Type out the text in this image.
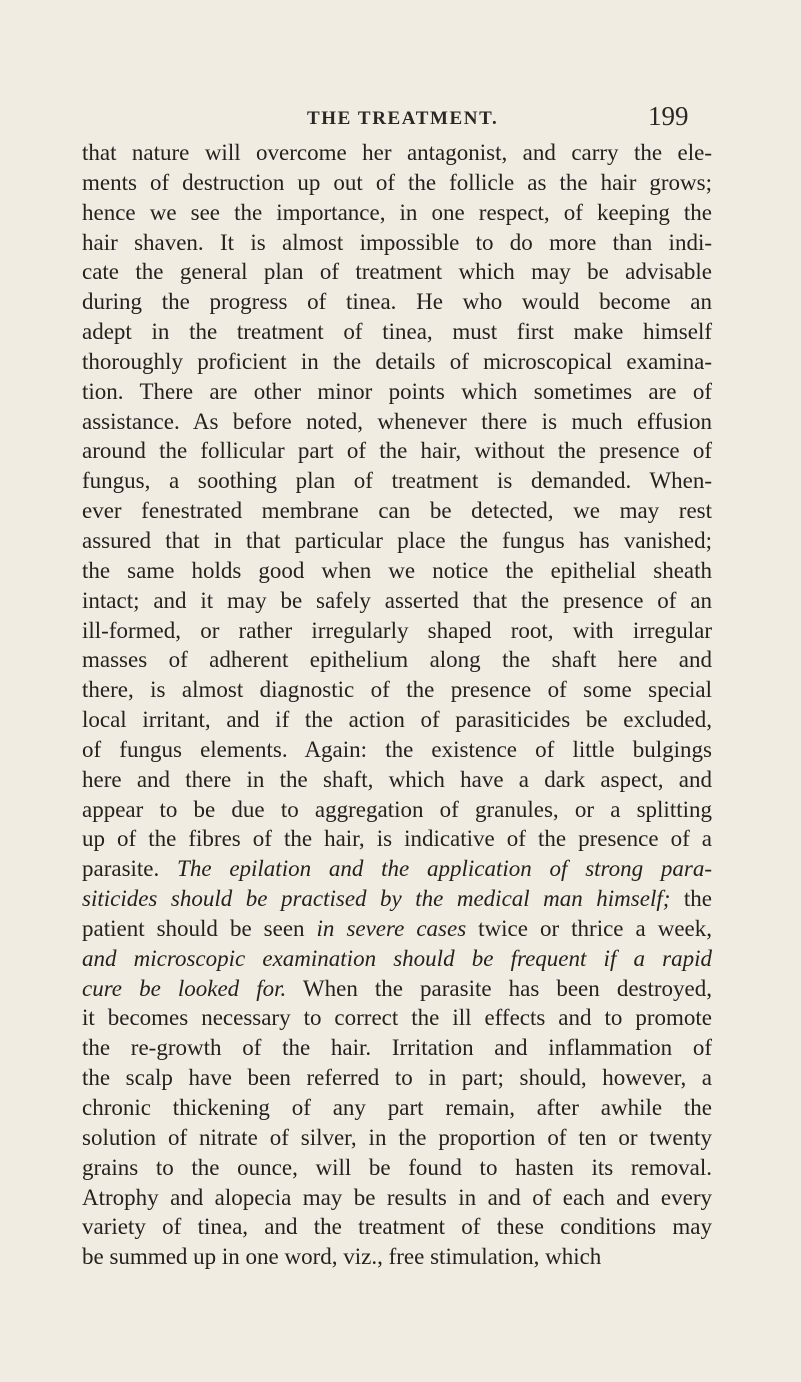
THE TREATMENT.	199
that nature will overcome her antagonist, and carry the ele-
ments of destruction up out of the follicle as the hair grows;
hence we see the importance, in one respect, of keeping the
hair shaven. It is almost impossible to do more than indi-
cate the general plan of treatment which may be advisable
during the progress of tinea. He who would become an
adept in the treatment of tinea, must first make himself
thoroughly proficient in the details of microscopical examina-
tion. There are other minor points which sometimes are of
assistance. As before noted, whenever there is much effusion
around the follicular part of the hair, without the presence of
fungus, a soothing plan of treatment is demanded. When-
ever fenestrated membrane can be detected, we may rest
assured that in that particular place the fungus has vanished;
the same holds good when we notice the epithelial sheath
intact; and it may be safely asserted that the presence of an
ill-formed, or rather irregularly shaped root, with irregular
masses of adherent epithelium along the shaft here and
there, is almost diagnostic of the presence of some special
local irritant, and if the action of parasiticides be excluded,
of fungus elements. Again: the existence of little bulgings
here and there in the shaft, which have a dark aspect, and
appear to be due to aggregation of granules, or a splitting
up of the fibres of the hair, is indicative of the presence of a
parasite. The epilation and the application of strong para-
siticides should be practised by the medical man himself; the
patient should be seen in severe cases twice or thrice a week,
and microscopic examination should be frequent if a rapid
cure be looked for. When the parasite has been destroyed,
it becomes necessary to correct the ill effects and to promote
the re-growth of the hair. Irritation and inflammation of
the scalp have been referred to in part; should, however, a
chronic thickening of any part remain, after awhile the
solution of nitrate of silver, in the proportion of ten or twenty
grains to the ounce, will be found to hasten its removal.
Atrophy and alopecia may be results in and of each and every
variety of tinea, and the treatment of these conditions may
be summed up in one word, viz., free stimulation, which
